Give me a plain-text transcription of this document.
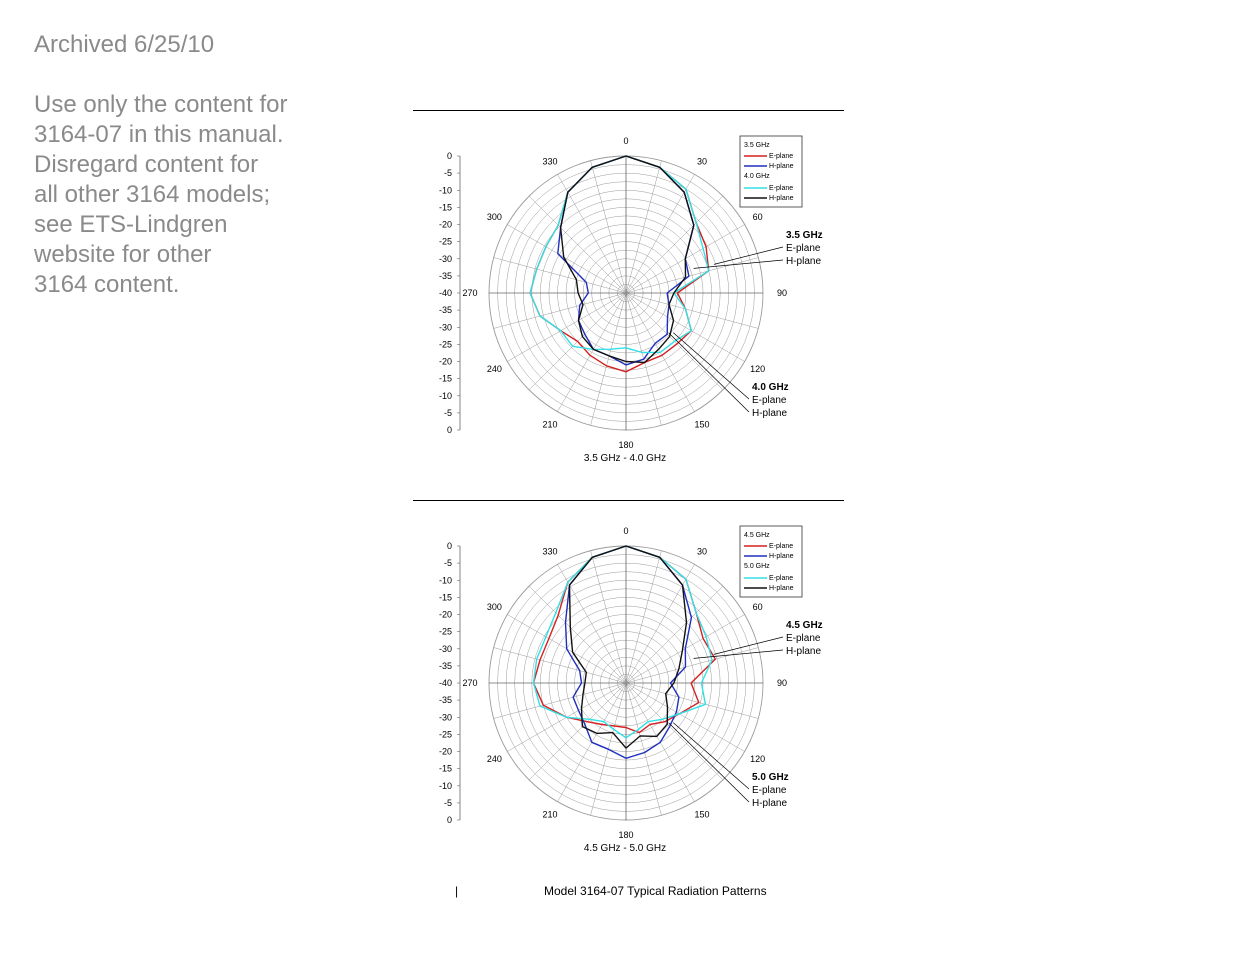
Archived 6/25/10
Use only the content for
3164-07 in this manual.
Disregard content for
all other 3164 models;
see ETS-Lindgren
website for other
3164 content.
0
30
60
90
120
150
180
210
240
270
300
330
0
-5
-10
-15
-20
-25
-30
-35
-40
-35
-30
-25
-20
-15
-10
-5
0
3.5 GHz
E-plane
H-plane
4.0 GHz
E-plane
H-plane
3.5 GHz
E-plane
H-plane
4.0 GHz
E-plane
H-plane
3.5 GHz - 4.0 GHz
0
30
60
90
120
150
180
210
240
270
300
330
0
-5
-10
-15
-20
-25
-30
-35
-40
-35
-30
-25
-20
-15
-10
-5
0
4.5 GHz
E-plane
H-plane
5.0 GHz
E-plane
H-plane
4.5 GHz
E-plane
H-plane
5.0 GHz
E-plane
H-plane
4.5 GHz - 5.0 GHz
|	Model 3164-07 Typical Radiation Patterns
